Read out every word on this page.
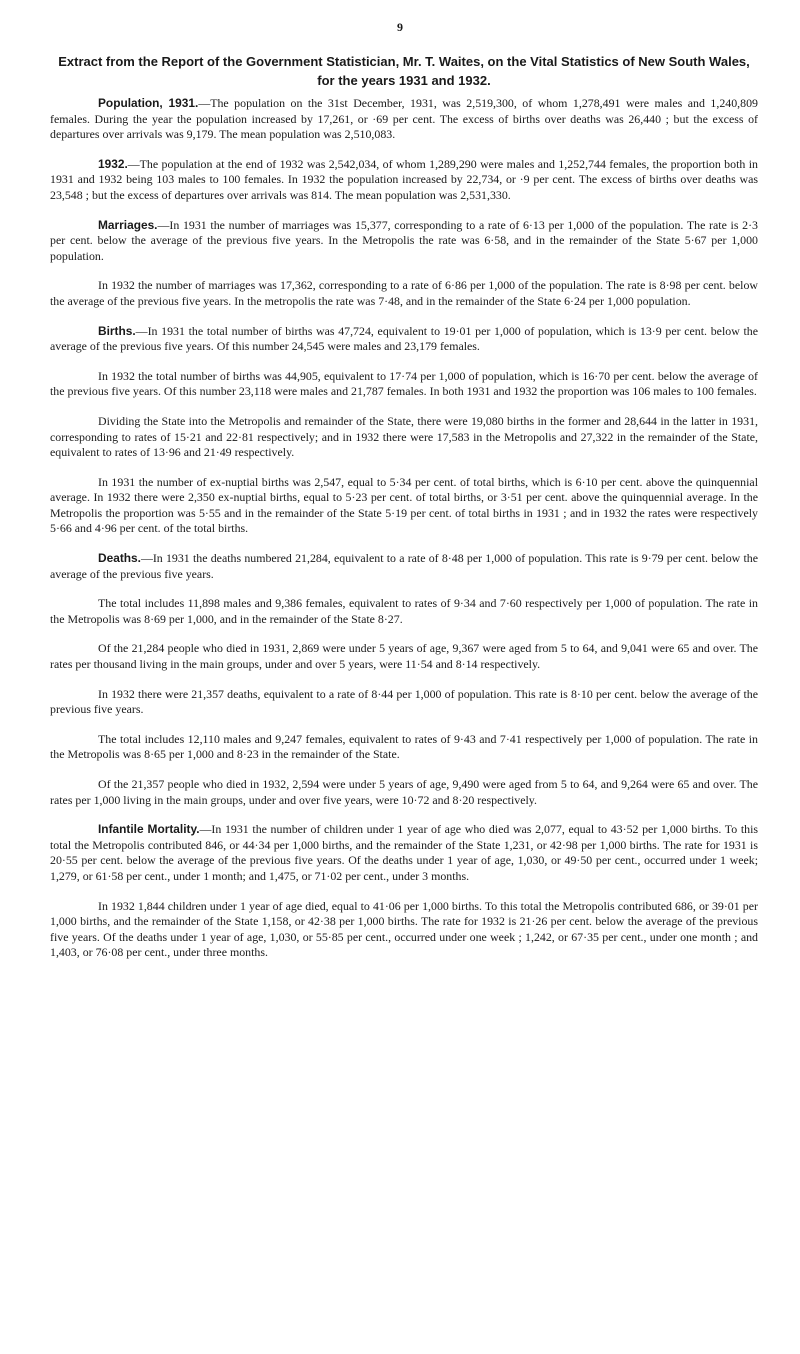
9
Extract from the Report of the Government Statistician, Mr. T. Waites, on the Vital Statistics of New South Wales, for the years 1931 and 1932.

Population, 1931.—The population on the 31st December, 1931, was 2,519,300, of whom 1,278,491 were males and 1,240,809 females. During the year the population increased by 17,261, or ·69 per cent. The excess of births over deaths was 26,440 ; but the excess of departures over arrivals was 9,179. The mean population was 2,510,083.

1932.—The population at the end of 1932 was 2,542,034, of whom 1,289,290 were males and 1,252,744 females, the proportion both in 1931 and 1932 being 103 males to 100 females. In 1932 the population increased by 22,734, or ·9 per cent. The excess of births over deaths was 23,548 ; but the excess of departures over arrivals was 814. The mean population was 2,531,330.

Marriages.—In 1931 the number of marriages was 15,377, corresponding to a rate of 6·13 per 1,000 of the population. The rate is 2·3 per cent. below the average of the previous five years. In the Metropolis the rate was 6·58, and in the remainder of the State 5·67 per 1,000 population.

In 1932 the number of marriages was 17,362, corresponding to a rate of 6·86 per 1,000 of the population. The rate is 8·98 per cent. below the average of the previous five years. In the metropolis the rate was 7·48, and in the remainder of the State 6·24 per 1,000 population.

Births.—In 1931 the total number of births was 47,724, equivalent to 19·01 per 1,000 of population, which is 13·9 per cent. below the average of the previous five years. Of this number 24,545 were males and 23,179 females.

In 1932 the total number of births was 44,905, equivalent to 17·74 per 1,000 of population, which is 16·70 per cent. below the average of the previous five years. Of this number 23,118 were males and 21,787 females. In both 1931 and 1932 the proportion was 106 males to 100 females.

Dividing the State into the Metropolis and remainder of the State, there were 19,080 births in the former and 28,644 in the latter in 1931, corresponding to rates of 15·21 and 22·81 respectively; and in 1932 there were 17,583 in the Metropolis and 27,322 in the remainder of the State, equivalent to rates of 13·96 and 21·49 respectively.

In 1931 the number of ex-nuptial births was 2,547, equal to 5·34 per cent. of total births, which is 6·10 per cent. above the quinquennial average. In 1932 there were 2,350 ex-nuptial births, equal to 5·23 per cent. of total births, or 3·51 per cent. above the quinquennial average. In the Metropolis the proportion was 5·55 and in the remainder of the State 5·19 per cent. of total births in 1931 ; and in 1932 the rates were respectively 5·66 and 4·96 per cent. of the total births.

Deaths.—In 1931 the deaths numbered 21,284, equivalent to a rate of 8·48 per 1,000 of population. This rate is 9·79 per cent. below the average of the previous five years.

The total includes 11,898 males and 9,386 females, equivalent to rates of 9·34 and 7·60 respectively per 1,000 of population. The rate in the Metropolis was 8·69 per 1,000, and in the remainder of the State 8·27.

Of the 21,284 people who died in 1931, 2,869 were under 5 years of age, 9,367 were aged from 5 to 64, and 9,041 were 65 and over. The rates per thousand living in the main groups, under and over 5 years, were 11·54 and 8·14 respectively.

In 1932 there were 21,357 deaths, equivalent to a rate of 8·44 per 1,000 of population. This rate is 8·10 per cent. below the average of the previous five years.

The total includes 12,110 males and 9,247 females, equivalent to rates of 9·43 and 7·41 respectively per 1,000 of population. The rate in the Metropolis was 8·65 per 1,000 and 8·23 in the remainder of the State.

Of the 21,357 people who died in 1932, 2,594 were under 5 years of age, 9,490 were aged from 5 to 64, and 9,264 were 65 and over. The rates per 1,000 living in the main groups, under and over five years, were 10·72 and 8·20 respectively.

Infantile Mortality.—In 1931 the number of children under 1 year of age who died was 2,077, equal to 43·52 per 1,000 births. To this total the Metropolis contributed 846, or 44·34 per 1,000 births, and the remainder of the State 1,231, or 42·98 per 1,000 births. The rate for 1931 is 20·55 per cent. below the average of the previous five years. Of the deaths under 1 year of age, 1,030, or 49·50 per cent., occurred under 1 week; 1,279, or 61·58 per cent., under 1 month; and 1,475, or 71·02 per cent., under 3 months.

In 1932 1,844 children under 1 year of age died, equal to 41·06 per 1,000 births. To this total the Metropolis contributed 686, or 39·01 per 1,000 births, and the remainder of the State 1,158, or 42·38 per 1,000 births. The rate for 1932 is 21·26 per cent. below the average of the previous five years. Of the deaths under 1 year of age, 1,030, or 55·85 per cent., occurred under one week ; 1,242, or 67·35 per cent., under one month ; and 1,403, or 76·08 per cent., under three months.
